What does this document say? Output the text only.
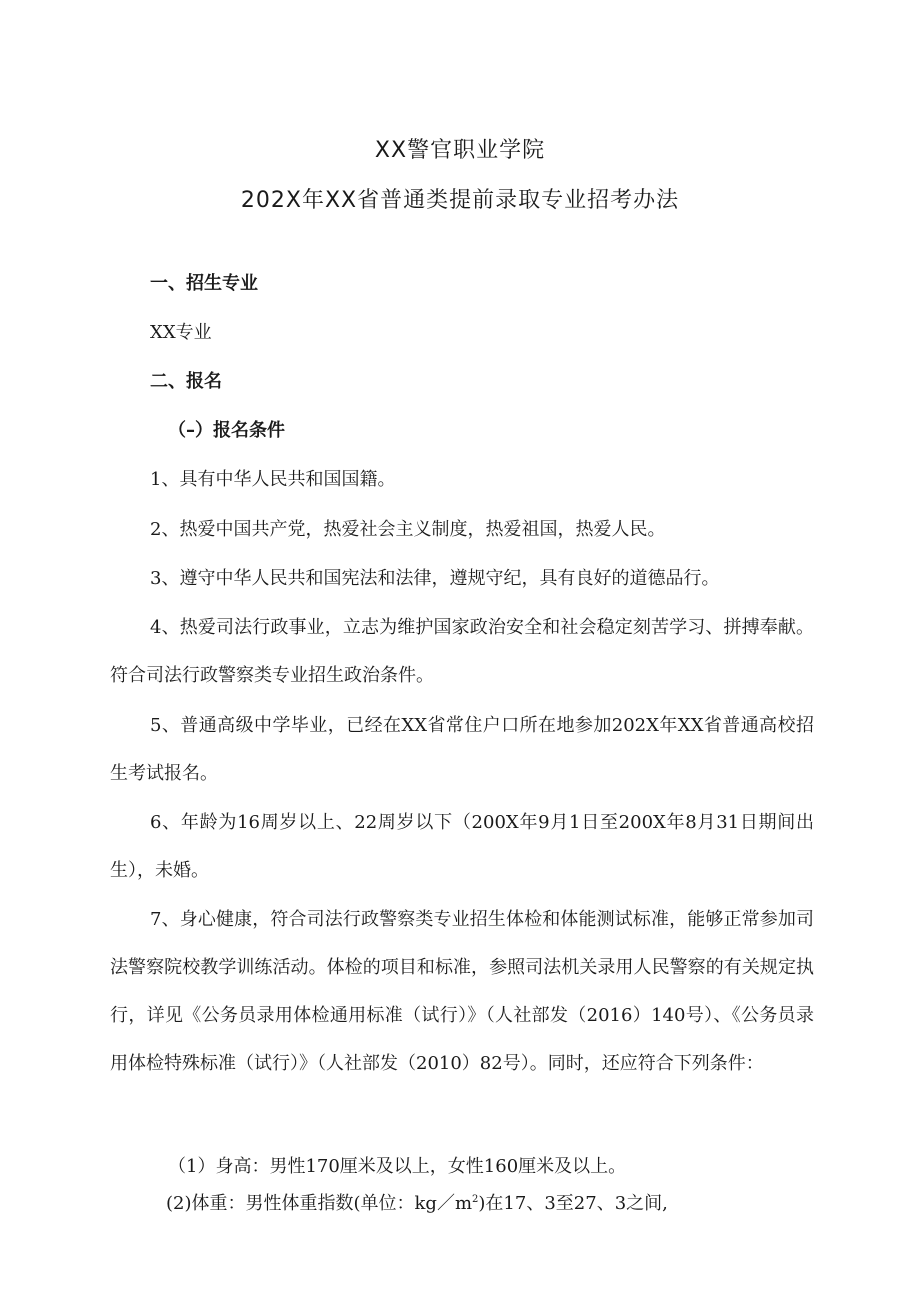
XX警官职业学院
202X年XX省普通类提前录取专业招考办法
一、招生专业
XX专业
二、报名
（–）报名条件
1、具有中华人民共和国国籍。
2、热爱中国共产党，热爱社会主义制度，热爱祖国，热爱人民。
3、遵守中华人民共和国宪法和法律，遵规守纪，具有良好的道德品行。
4、热爱司法行政事业，立志为维护国家政治安全和社会稳定刻苦学习、拼搏奉献。符合司法行政警察类专业招生政治条件。
5、普通高级中学毕业，已经在XX省常住户口所在地参加202X年XX省普通高校招生考试报名。
6、年龄为16周岁以上、22周岁以下（200X年9月1日至200X年8月31日期间出生），未婚。
7、身心健康，符合司法行政警察类专业招生体检和体能测试标准，能够正常参加司法警察院校教学训练活动。体检的项目和标准，参照司法机关录用人民警察的有关规定执行，详见《公务员录用体检通用标准（试行）》（人社部发（2016）140号）、《公务员录用体检特殊标准（试行）》（人社部发（2010）82号）。同时，还应符合下列条件：
（1）身高：男性170厘米及以上，女性160厘米及以上。
(2)体重：男性体重指数(单位：$kg/m^2$)在17、3至27、3之间,
